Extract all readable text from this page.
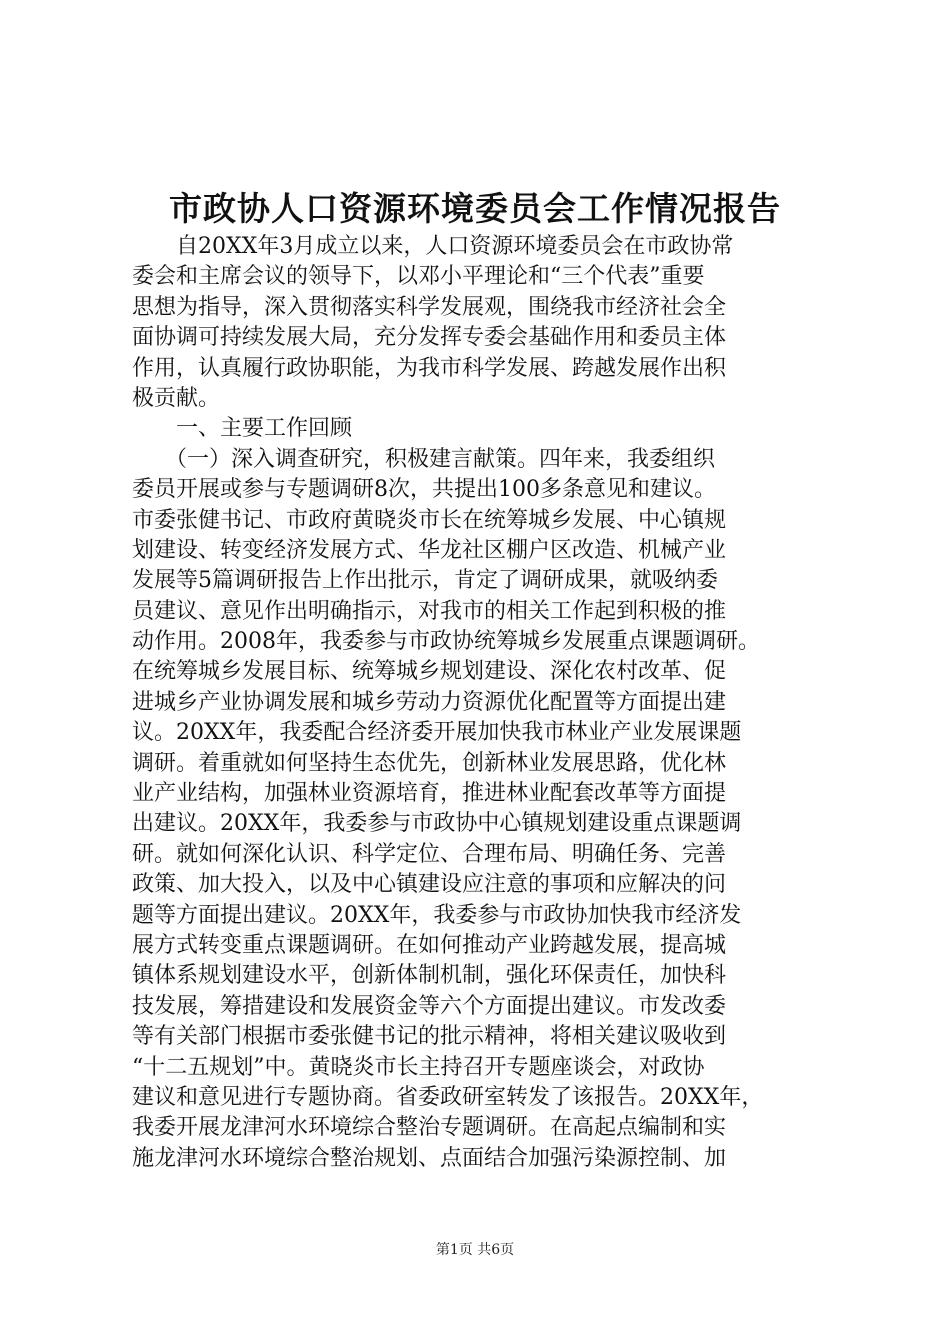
市政协人口资源环境委员会工作情况报告
　　自20XX年3月成立以来，人口资源环境委员会在市政协常
委会和主席会议的领导下，以邓小平理论和“三个代表”重要
思想为指导，深入贯彻落实科学发展观，围绕我市经济社会全
面协调可持续发展大局，充分发挥专委会基础作用和委员主体
作用，认真履行政协职能，为我市科学发展、跨越发展作出积
极贡献。
　　一、主要工作回顾
　　（一）深入调查研究，积极建言献策。四年来，我委组织
委员开展或参与专题调研8次，共提出100多条意见和建议。
市委张健书记、市政府黄晓炎市长在统筹城乡发展、中心镇规
划建设、转变经济发展方式、华龙社区棚户区改造、机械产业
发展等5篇调研报告上作出批示，肯定了调研成果，就吸纳委
员建议、意见作出明确指示，对我市的相关工作起到积极的推
动作用。2008年，我委参与市政协统筹城乡发展重点课题调研。
在统筹城乡发展目标、统筹城乡规划建设、深化农村改革、促
进城乡产业协调发展和城乡劳动力资源优化配置等方面提出建
议。20XX年，我委配合经济委开展加快我市林业产业发展课题
调研。着重就如何坚持生态优先，创新林业发展思路，优化林
业产业结构，加强林业资源培育，推进林业配套改革等方面提
出建议。20XX年，我委参与市政协中心镇规划建设重点课题调
研。就如何深化认识、科学定位、合理布局、明确任务、完善
政策、加大投入，以及中心镇建设应注意的事项和应解决的问
题等方面提出建议。20XX年，我委参与市政协加快我市经济发
展方式转变重点课题调研。在如何推动产业跨越发展，提高城
镇体系规划建设水平，创新体制机制，强化环保责任，加快科
技发展，筹措建设和发展资金等六个方面提出建议。市发改委
等有关部门根据市委张健书记的批示精神，将相关建议吸收到
“十二五规划”中。黄晓炎市长主持召开专题座谈会，对政协
建议和意见进行专题协商。省委政研室转发了该报告。20XX年，
我委开展龙津河水环境综合整治专题调研。在高起点编制和实
施龙津河水环境综合整治规划、点面结合加强污染源控制、加
第1页 共6页
